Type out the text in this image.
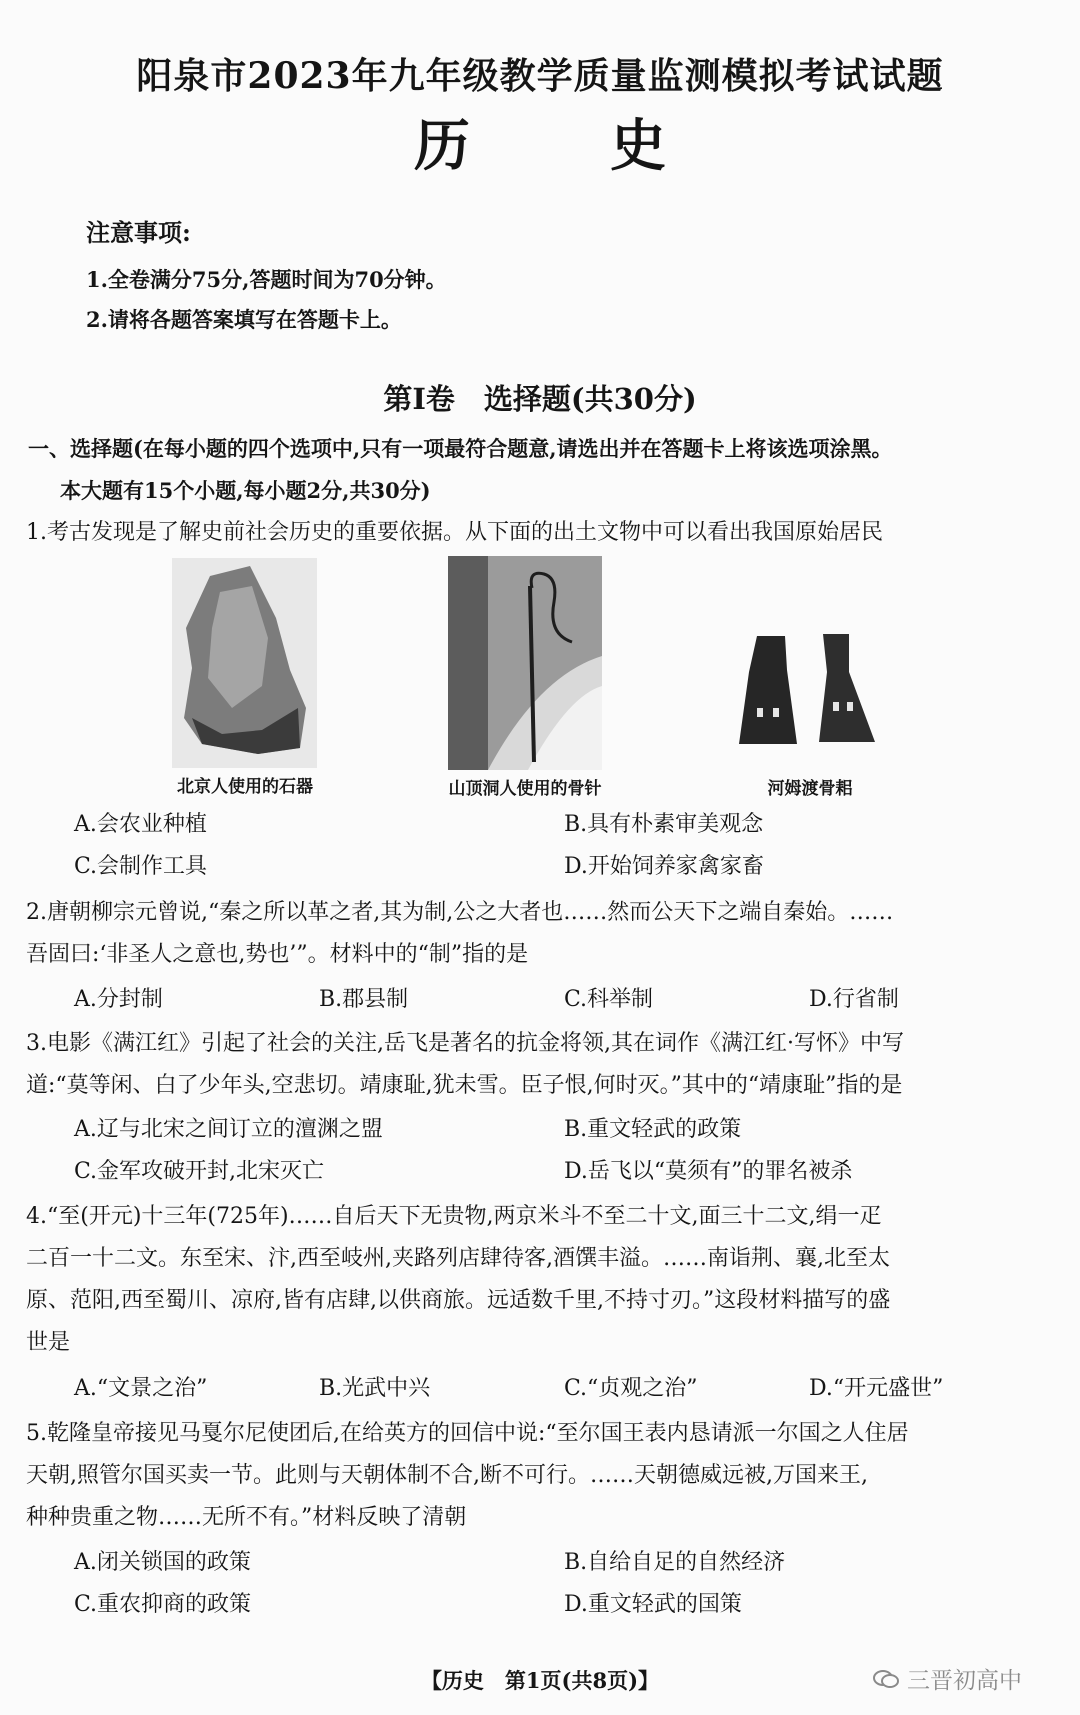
阳泉市2023年九年级教学质量监测模拟考试试题
历史
注意事项:
1.全卷满分75分,答题时间为70分钟。
2.请将各题答案填写在答题卡上。
第Ⅰ卷　选择题(共30分)
一、选择题(在每小题的四个选项中,只有一项最符合题意,请选出并在答题卡上将该选项涂黑。
本大题有15个小题,每小题2分,共30分)
1.考古发现是了解史前社会历史的重要依据。从下面的出土文物中可以看出我国原始居民
北京人使用的石器	山顶洞人使用的骨针	河姆渡骨耜
A.会农业种植	B.具有朴素审美观念
C.会制作工具	D.开始饲养家禽家畜
2.唐朝柳宗元曾说,“秦之所以革之者,其为制,公之大者也……然而公天下之端自秦始。……
吾固曰:‘非圣人之意也,势也’”。材料中的“制”指的是
A.分封制	B.郡县制	C.科举制	D.行省制
3.电影《满江红》引起了社会的关注,岳飞是著名的抗金将领,其在词作《满江红·写怀》中写
道:“莫等闲、白了少年头,空悲切。靖康耻,犹未雪。臣子恨,何时灭。”其中的“靖康耻”指的是
A.辽与北宋之间订立的澶渊之盟	B.重文轻武的政策
C.金军攻破开封,北宋灭亡	D.岳飞以“莫须有”的罪名被杀
4.“至(开元)十三年(725年)……自后天下无贵物,两京米斗不至二十文,面三十二文,绢一疋
二百一十二文。东至宋、汴,西至岐州,夹路列店肆待客,酒馔丰溢。……南诣荆、襄,北至太
原、范阳,西至蜀川、凉府,皆有店肆,以供商旅。远适数千里,不持寸刃。”这段材料描写的盛
世是
A.“文景之治”	B.光武中兴	C.“贞观之治”	D.“开元盛世”
5.乾隆皇帝接见马戛尔尼使团后,在给英方的回信中说:“至尔国王表内恳请派一尔国之人住居
天朝,照管尔国买卖一节。此则与天朝体制不合,断不可行。……天朝德威远被,万国来王,
种种贵重之物……无所不有。”材料反映了清朝
A.闭关锁国的政策	B.自给自足的自然经济
C.重农抑商的政策	D.重文轻武的国策
【历史　第1页(共8页)】	三晋初高中
